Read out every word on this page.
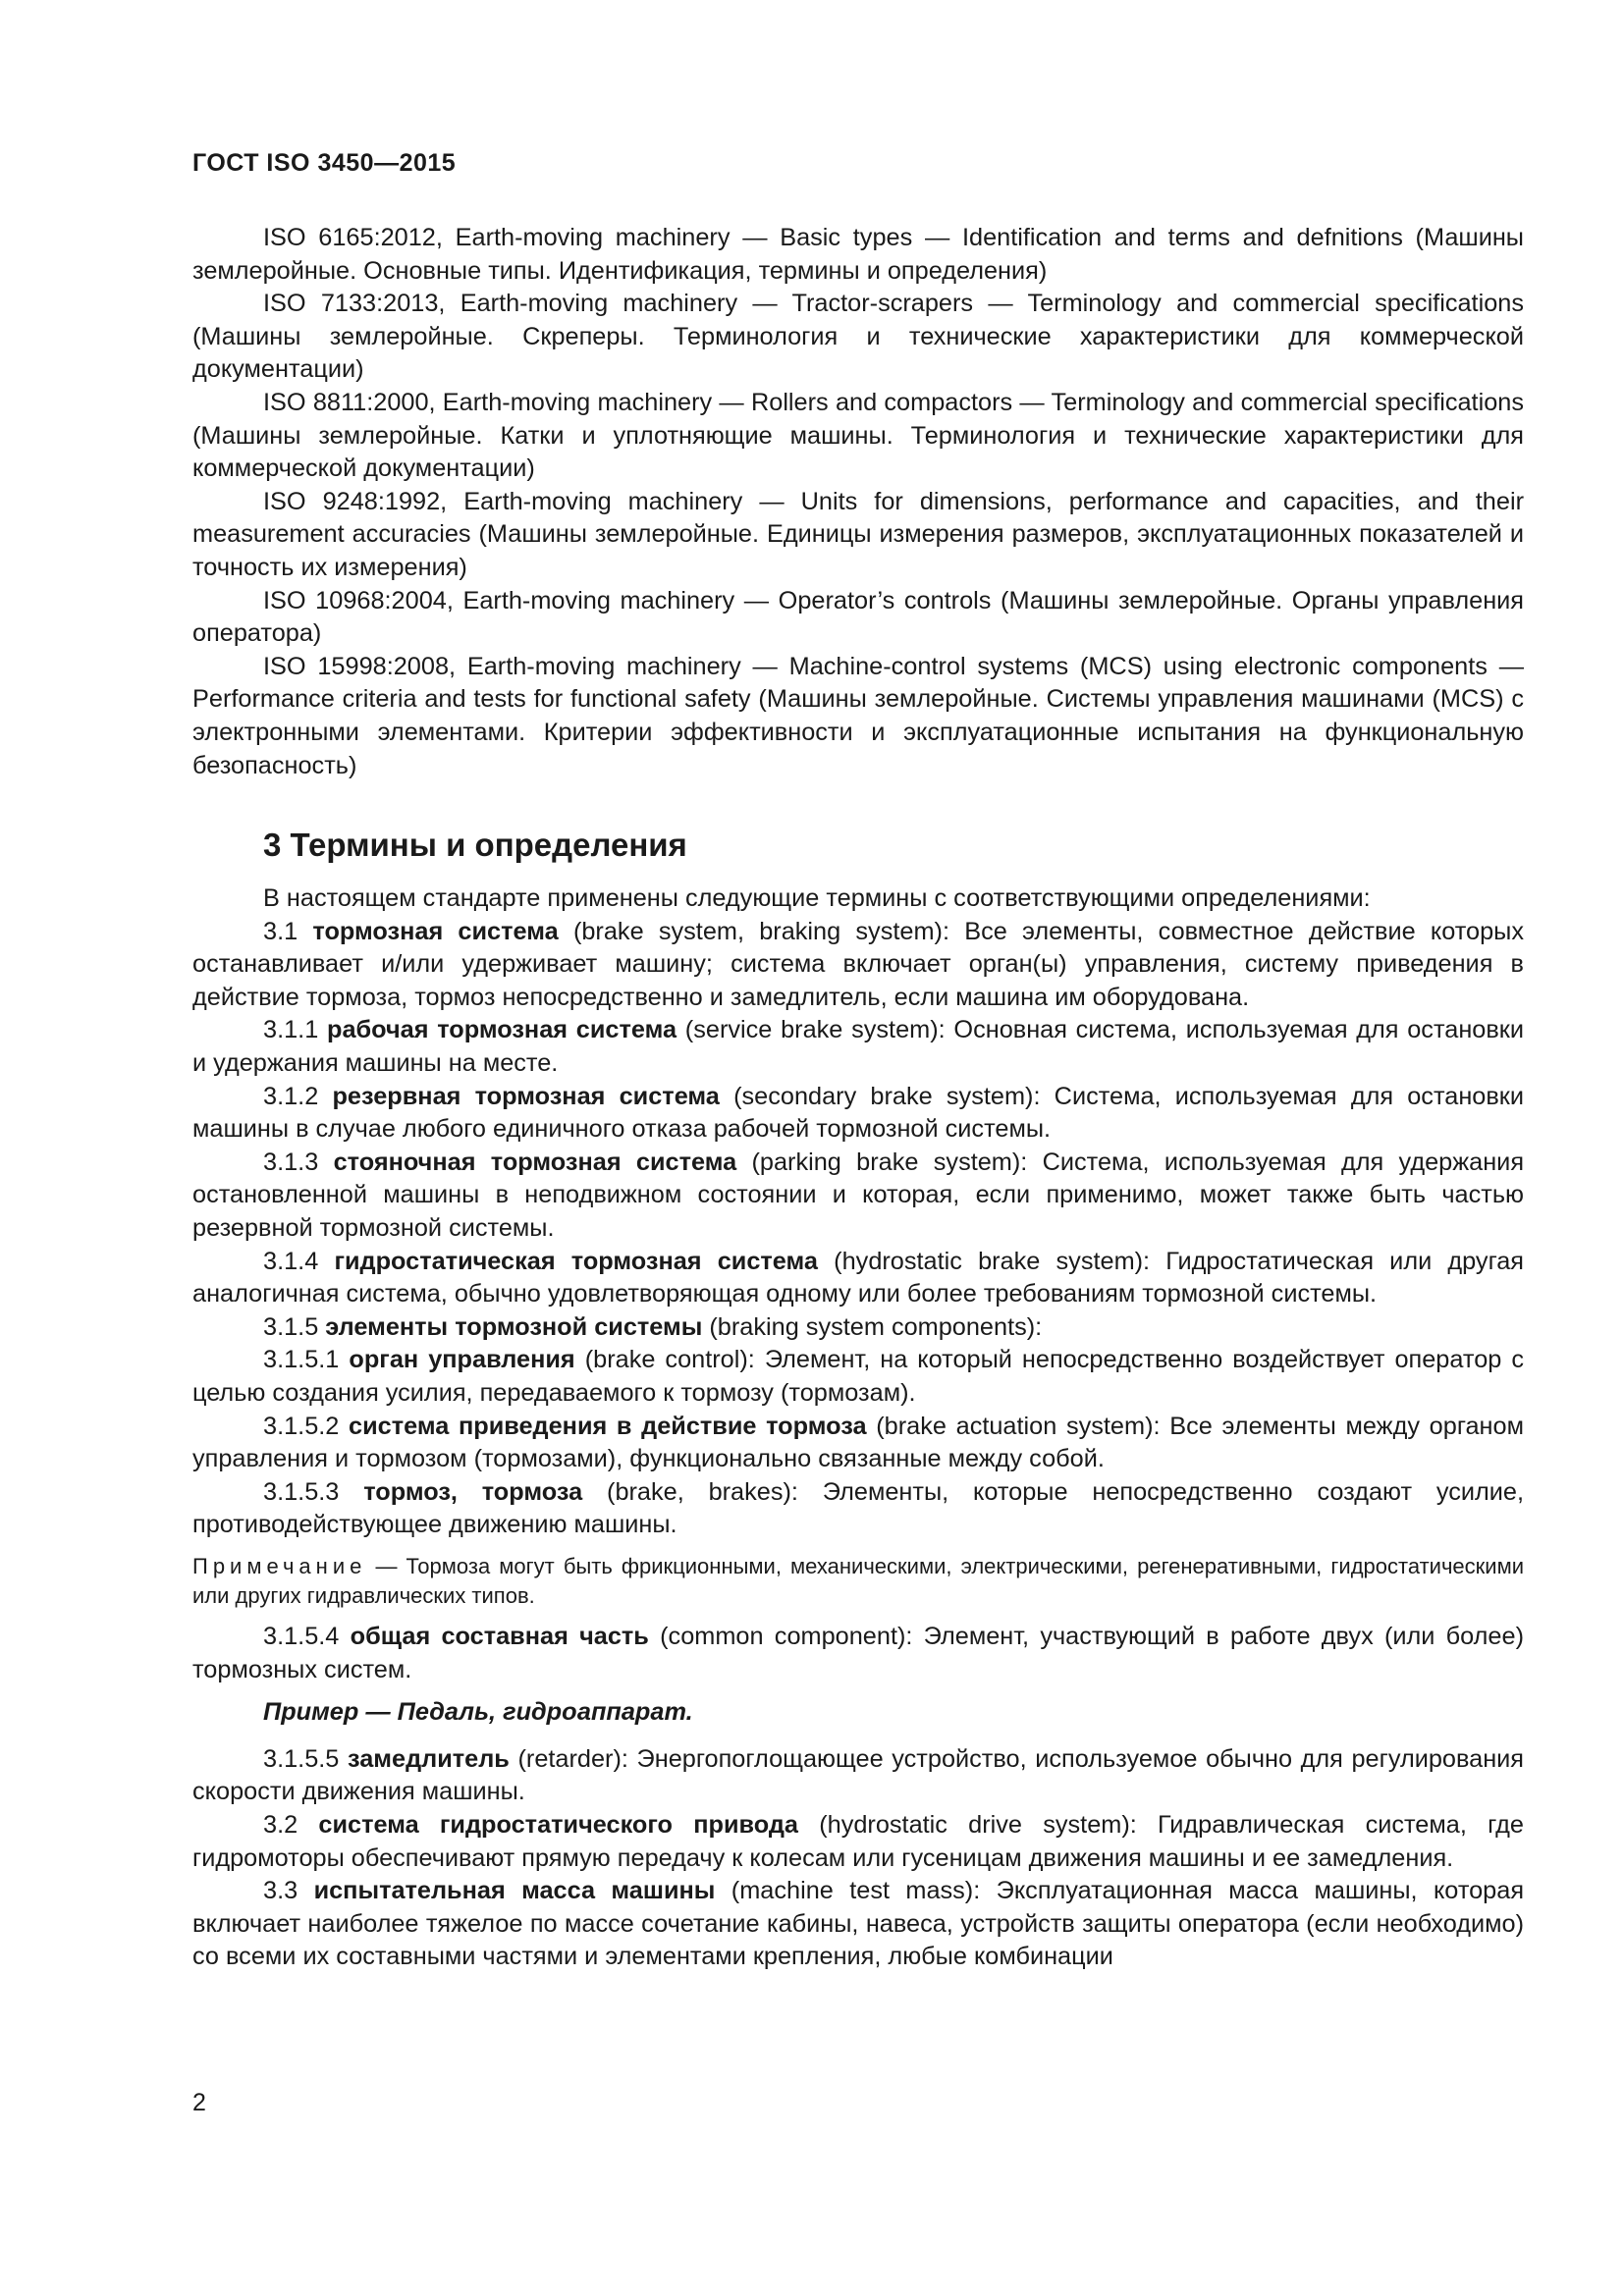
ГОСТ ISO 3450—2015

ISO 6165:2012, Earth-moving machinery — Basic types — Identification and terms and defnitions (Машины землеройные. Основные типы. Идентификация, термины и определения)

ISO 7133:2013, Earth-moving machinery — Tractor-scrapers — Terminology and commercial specifications (Машины землеройные. Скреперы. Терминология и технические характеристики для коммерческой документации)

ISO 8811:2000, Earth-moving machinery — Rollers and compactors — Terminology and commercial specifications (Машины землеройные. Катки и уплотняющие машины. Терминология и технические характеристики для коммерческой документации)

ISO 9248:1992, Earth-moving machinery — Units for dimensions, performance and capacities, and their measurement accuracies (Машины землеройные. Единицы измерения размеров, эксплуатационных показателей и точность их измерения)

ISO 10968:2004, Earth-moving machinery — Operator’s controls (Машины землеройные. Органы управления оператора)

ISO 15998:2008, Earth-moving machinery — Machine-control systems (MCS) using electronic components — Performance criteria and tests for functional safety (Машины землеройные. Системы управления машинами (MCS) с электронными элементами. Критерии эффективности и эксплуатационные испытания на функциональную безопасность)

3 Термины и определения

В настоящем стандарте применены следующие термины с соответствующими определениями:

3.1 тормозная система (brake system, braking system): Все элементы, совместное действие которых останавливает и/или удерживает машину; система включает орган(ы) управления, систему приведения в действие тормоза, тормоз непосредственно и замедлитель, если машина им оборудована.

3.1.1 рабочая тормозная система (service brake system): Основная система, используемая для остановки и удержания машины на месте.

3.1.2 резервная тормозная система (secondary brake system): Система, используемая для остановки машины в случае любого единичного отказа рабочей тормозной системы.

3.1.3 стояночная тормозная система (parking brake system): Система, используемая для удержания остановленной машины в неподвижном состоянии и которая, если применимо, может также быть частью резервной тормозной системы.

3.1.4 гидростатическая тормозная система (hydrostatic brake system): Гидростатическая или другая аналогичная система, обычно удовлетворяющая одному или более требованиям тормозной системы.

3.1.5 элементы тормозной системы (braking system components):

3.1.5.1 орган управления (brake control): Элемент, на который непосредственно воздействует оператор с целью создания усилия, передаваемого к тормозу (тормозам).

3.1.5.2 система приведения в действие тормоза (brake actuation system): Все элементы между органом управления и тормозом (тормозами), функционально связанные между собой.

3.1.5.3 тормоз, тормоза (brake, brakes): Элементы, которые непосредственно создают усилие, противодействующее движению машины.

Примечание — Тормоза могут быть фрикционными, механическими, электрическими, регенеративными, гидростатическими или других гидравлических типов.

3.1.5.4 общая составная часть (common component): Элемент, участвующий в работе двух (или более) тормозных систем.

Пример — Педаль, гидроаппарат.

3.1.5.5 замедлитель (retarder): Энергопоглощающее устройство, используемое обычно для регулирования скорости движения машины.

3.2 система гидростатического привода (hydrostatic drive system): Гидравлическая система, где гидромоторы обеспечивают прямую передачу к колесам или гусеницам движения машины и ее замедления.

3.3 испытательная масса машины (machine test mass): Эксплуатационная масса машины, которая включает наиболее тяжелое по массе сочетание кабины, навеса, устройств защиты оператора (если необходимо) со всеми их составными частями и элементами крепления, любые комбинации

2
